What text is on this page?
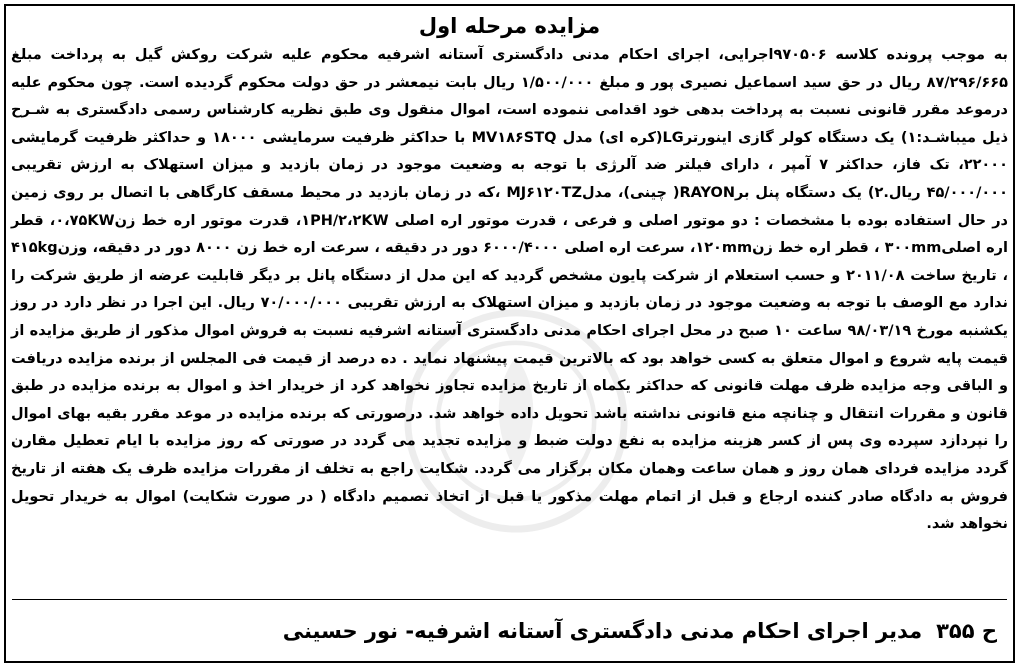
مزایده مرحله اول

به موجب پرونده کلاسه ۹۷۰۵۰۶اجرایی، اجرای احکام مدنی دادگستری آستانه اشرفیه محکوم علیه شرکت روکش گیل به پرداخت مبلغ ۸۷/۲۹۶/۶۶۵ ریال در حق سید اسماعیل نصیری پور و مبلغ ۱/۵۰۰/۰۰۰ ریال بابت نیمعشر در حق دولت محکوم گردیده است. چون محکوم علیه درموعد مقرر قانونی نسبت به پرداخت بدهی خود اقدامی ننموده است، اموال منقول وی طبق نظریه کارشناس رسمی دادگستری به شـرح ذیل میباشـد:۱) یک دستگاه کولر گازی اینورترLG(کره ای) مدل MV۱۸۶STQ با حداکثر ظرفیت سرمایشی ۱۸۰۰۰ و حداکثر ظرفیت گرمایشی ۲۲۰۰۰، تک فاز، حداکثر ۷ آمپر ، دارای فیلتر ضد آلرژی با توجه به وضعیت موجود در زمان بازدید و میزان استهلاک به ارزش تقریبی ۴۵/۰۰۰/۰۰۰ ریال.۲) یک دستگاه پنل برRAYON( چینی)، مدلMJ۶۱۲۰TZ ،که در زمان بازدید در محیط مسقف کارگاهی با اتصال بر روی زمین در حال استفاده بوده با مشخصات : دو موتور اصلی و فرعی ، قدرت موتور اره اصلی ۱PH/۲،۲KW، قدرت موتور اره خط زن۰،۷۵KW، قطر اره اصلی۳۰۰mm ، قطر اره خط زن۱۲۰mm، سرعت اره اصلی ۶۰۰۰/۴۰۰۰ دور در دقیقه ، سرعت اره خط زن ۸۰۰۰ دور در دقیقه، وزن۴۱۵kg ، تاریخ ساخت ۲۰۱۱/۰۸ و حسب استعلام از شرکت پایون مشخص گردید که این مدل از دستگاه پانل بر دیگر قابلیت عرضه از طریق شرکت را ندارد مع الوصف با توجه به وضعیت موجود در زمان بازدید و میزان استهلاک به ارزش تقریبی ۷۰/۰۰۰/۰۰۰ ریال. این اجرا در نظر دارد در روز یکشنبه مورخ ۹۸/۰۳/۱۹ ساعت ۱۰ صبح در محل اجرای احکام مدنی دادگستری آستانه اشرفیه نسبت به فروش اموال مذکور از طریق مزایده از قیمت پایه شروع و اموال متعلق به کسی خواهد بود که بالاترین قیمت پیشنهاد نماید . ده درصد از قیمت فی المجلس از برنده مزایده دریافت و الباقی وجه مزایده ظرف مهلت قانونی که حداکثر یکماه از تاریخ مزایده تجاوز نخواهد کرد از خریدار اخذ و اموال به برنده مزایده در طبق قانون و مقررات انتقال و چنانچه منع قانونی نداشته باشد تحویل داده خواهد شد. درصورتی که برنده مزایده در موعد مقرر بقیه بهای اموال را نپردازد سپرده وی پس از کسر هزینه مزایده به نفع دولت ضبط و مزایده تجدید می گردد در صورتی که روز مزایده با ایام تعطیل مقارن گردد مزایده فردای همان روز و همان ساعت وهمان مکان برگزار می گردد. شکایت راجع به تخلف از مقررات مزایده ظرف یک هفته از تاریخ فروش به دادگاه صادر کننده ارجاع و قبل از اتمام مهلت مذکور یا قبل از اتخاذ تصمیم دادگاه ( در صورت شکایت) اموال به خریدار تحویل نخواهد شد.

ح ۳۵۵
مدیر اجرای احکام مدنی دادگستری آستانه اشرفیه- نور حسینی
